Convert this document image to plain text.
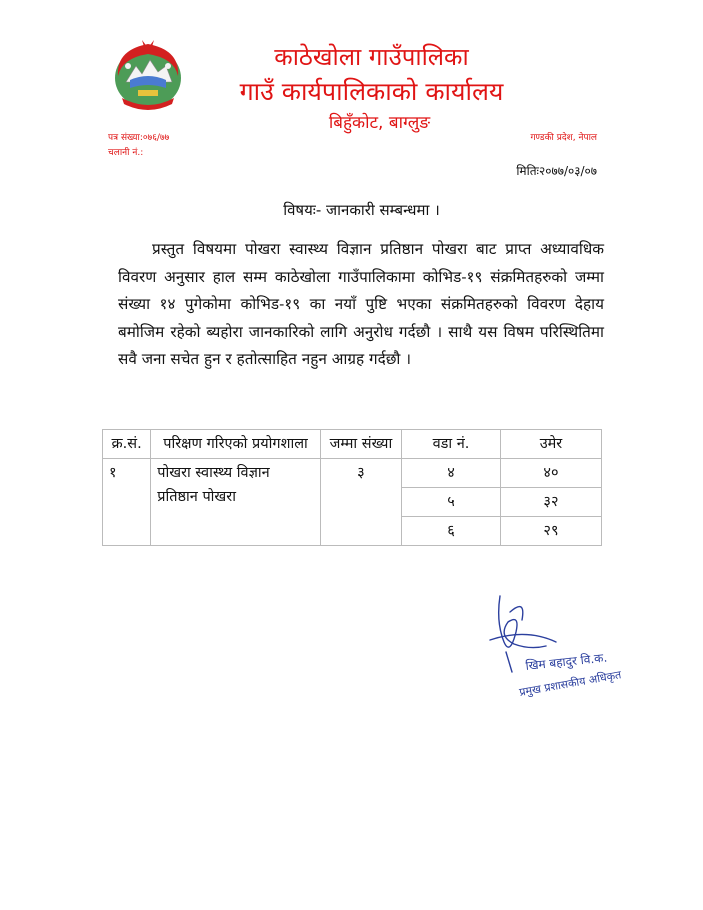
काठेखोला गाउँपालिका
गाउँ कार्यपालिकाको कार्यालय
बिहुँकोट, बाग्लुङ
पत्र संख्या:०७६/७७
चलानी नं.:
गण्डकी प्रदेश, नेपाल
मितिः२०७७/०३/०७
विषयः- जानकारी सम्बन्धमा ।
प्रस्तुत विषयमा पोखरा स्वास्थ्य विज्ञान प्रतिष्ठान पोखरा बाट प्राप्त अध्यावधिक विवरण अनुसार हाल सम्म काठेखोला गाउँपालिकामा कोभिड-१९ संक्रमितहरुको जम्मा संख्या १४ पुगेकोमा कोभिड-१९ का नयाँ पुष्टि भएका संक्रमितहरुको विवरण देहाय बमोजिम रहेको ब्यहोरा जानकारिको लागि अनुरोध गर्दछौ । साथै यस विषम परिस्थितिमा सवै जना सचेत हुन र हतोत्साहित नहुन आग्रह गर्दछौ ।
क्र.सं.	परिक्षण गरिएको प्रयोगशाला	जम्मा संख्या	वडा नं.	उमेर
१	पोखरा स्वास्थ्य विज्ञान प्रतिष्ठान पोखरा	३	४	४०
			५	३२
			६	२९
खिम बहादुर वि.क.
प्रमुख प्रशासकीय अधिकृत
